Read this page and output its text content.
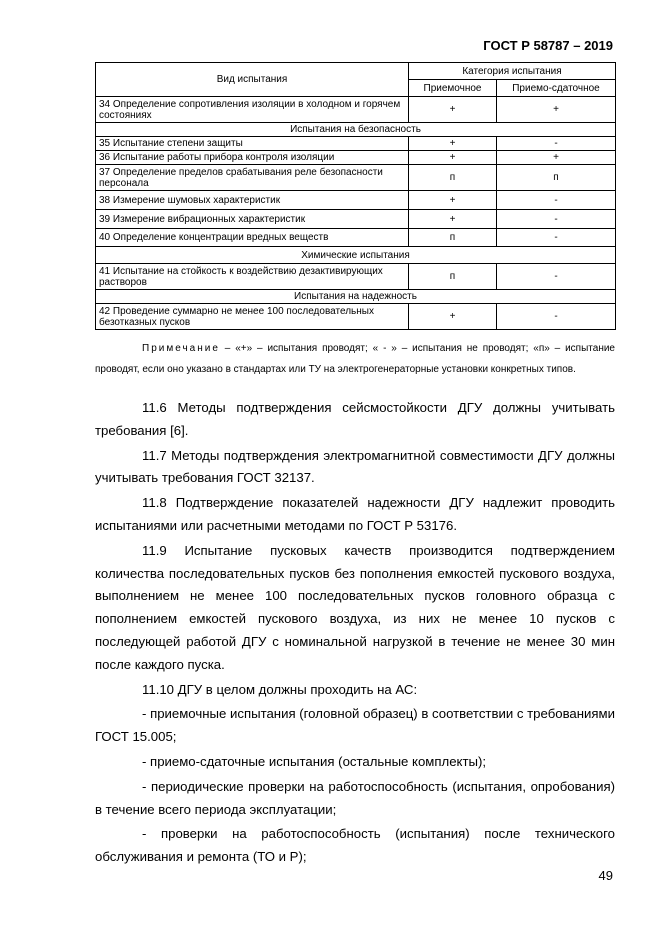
ГОСТ Р 58787 – 2019
Вид испытания	Категория испытания	
	Приемочное	Приемо-сдаточное
34 Определение сопротивления изоляции в холодном и горячем состояниях	+	+
Испытания на безопасность		
35 Испытание степени защиты	+	-
36 Испытание работы прибора контроля изоляции	+	+
37 Определение пределов срабатывания реле безопасности персонала	п	п
38 Измерение шумовых характеристик	+	-
39 Измерение вибрационных характеристик	+	-
40 Определение концентрации вредных веществ	п	-
Химические испытания		
41 Испытание на стойкость к воздействию дезактивирующих растворов	п	-
Испытания на надежность		
42 Проведение суммарно не менее 100 последовательных безотказных пусков	+	-
Примечание – «+» – испытания проводят; « - » – испытания не проводят; «п» – испытание проводят, если оно указано в стандартах или ТУ на электрогенераторные установки конкретных типов.

11.6 Методы подтверждения сейсмостойкости ДГУ должны учитывать требования [6].

11.7 Методы подтверждения электромагнитной совместимости ДГУ должны учитывать требования ГОСТ 32137.

11.8 Подтверждение показателей надежности ДГУ надлежит проводить испытаниями или расчетными методами по ГОСТ Р 53176.

11.9 Испытание пусковых качеств производится подтверждением количества последовательных пусков без пополнения емкостей пускового воздуха, выполнением не менее 100 последовательных пусков головного образца с пополнением емкостей пускового воздуха, из них не менее 10 пусков с последующей работой ДГУ с номинальной нагрузкой в течение не менее 30 мин после каждого пуска.

11.10 ДГУ в целом должны проходить на АС:

- приемочные испытания (головной образец) в соответствии с требованиями ГОСТ 15.005;

- приемо-сдаточные испытания (остальные комплекты);

- периодические проверки на работоспособность (испытания, опробования) в течение всего периода эксплуатации;

- проверки на работоспособность (испытания) после технического обслуживания и ремонта (ТО и Р);

49
